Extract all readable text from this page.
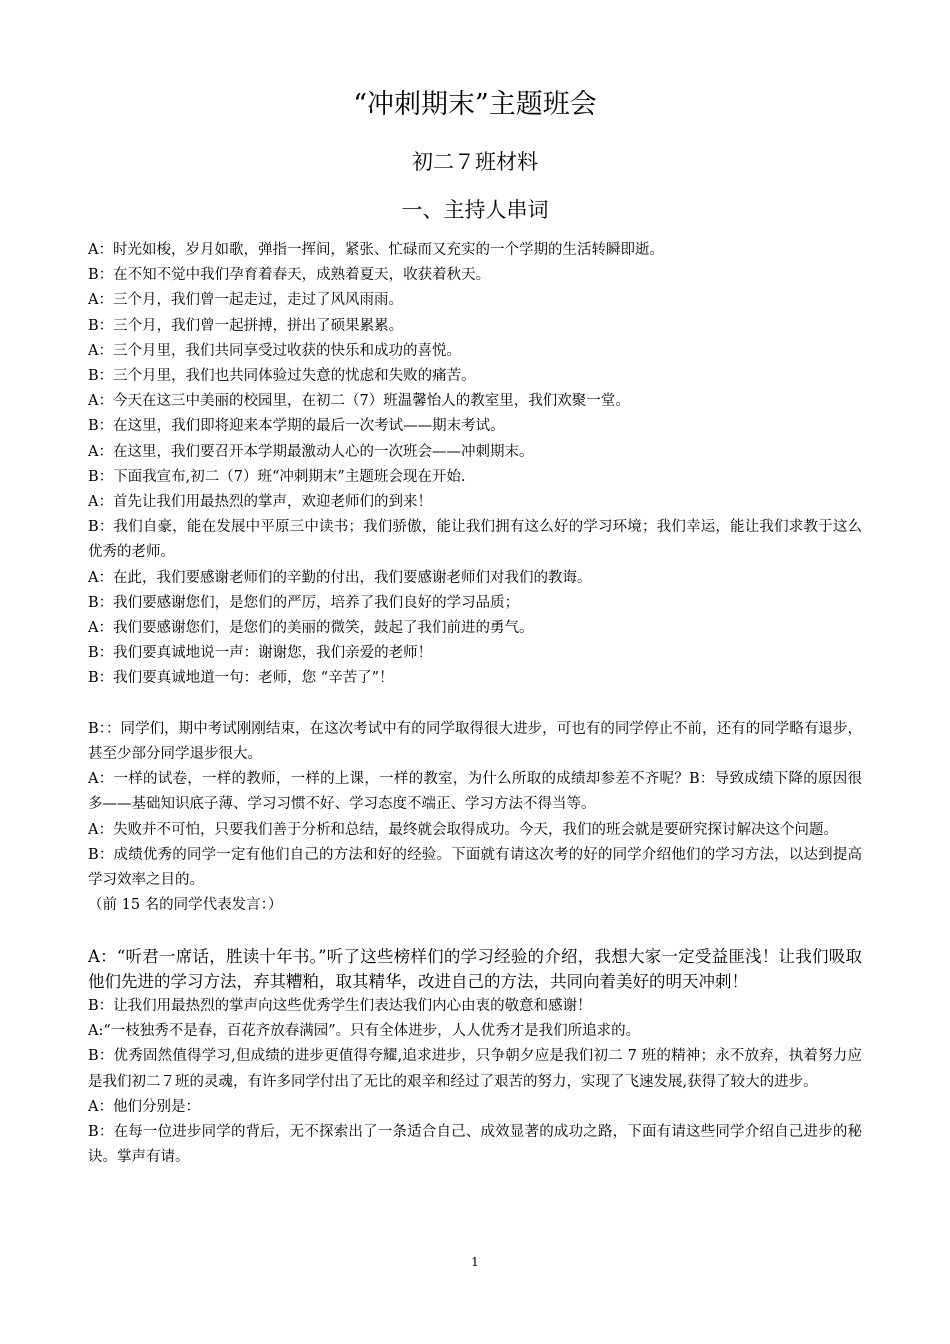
“冲刺期末”主题班会
初二７班材料
一、主持人串词

A：时光如梭，岁月如歌，弹指一挥间，紧张、忙碌而又充实的一个学期的生活转瞬即逝。

B：在不知不觉中我们孕育着春天，成熟着夏天，收获着秋天。

A：三个月，我们曾一起走过，走过了风风雨雨。

B：三个月，我们曾一起拼搏，拼出了硕果累累。

A：三个月里，我们共同享受过收获的快乐和成功的喜悦。

B：三个月里，我们也共同体验过失意的忧虑和失败的痛苦。

A：今天在这三中美丽的校园里，在初二（7）班温馨怡人的教室里，我们欢聚一堂。

B：在这里，我们即将迎来本学期的最后一次考试——期末考试。

A：在这里，我们要召开本学期最激动人心的一次班会——冲刺期末。

B：下面我宣布,初二（7）班“冲刺期末”主题班会现在开始.

A：首先让我们用最热烈的掌声，欢迎老师们的到来！

B：我们自豪，能在发展中平原三中读书；我们骄傲，能让我们拥有这么好的学习环境；我们幸运，能让我们求教于这么优秀的老师。

A：在此，我们要感谢老师们的辛勤的付出，我们要感谢老师们对我们的教诲。

B：我们要感谢您们，是您们的严厉，培养了我们良好的学习品质；

A：我们要感谢您们，是您们的美丽的微笑，鼓起了我们前进的勇气。

B：我们要真诚地说一声：谢谢您，我们亲爱的老师！

B：我们要真诚地道一句：老师，您 “辛苦了”！

B：：同学们，期中考试刚刚结束，在这次考试中有的同学取得很大进步，可也有的同学停止不前，还有的同学略有退步，甚至少部分同学退步很大。

A：一样的试卷，一样的教师，一样的上课，一样的教室，为什么所取的成绩却参差不齐呢？B：导致成绩下降的原因很多——基础知识底子薄、学习习惯不好、学习态度不端正、学习方法不得当等。

A：失败并不可怕，只要我们善于分析和总结，最终就会取得成功。今天，我们的班会就是要研究探讨解决这个问题。

B：成绩优秀的同学一定有他们自己的方法和好的经验。下面就有请这次考的好的同学介绍他们的学习方法，以达到提高学习效率之目的。

（前 15 名的同学代表发言：）

A：“听君一席话，胜读十年书。”听了这些榜样们的学习经验的介绍，我想大家一定受益匪浅！让我们吸取他们先进的学习方法，弃其糟粕，取其精华，改进自己的方法，共同向着美好的明天冲刺！

B：让我们用最热烈的掌声向这些优秀学生们表达我们内心由衷的敬意和感谢！

A:“一枝独秀不是春，百花齐放春满园”。只有全体进步，人人优秀才是我们所追求的。

B：优秀固然值得学习,但成绩的进步更值得夸耀,追求进步，只争朝夕应是我们初二 7 班的精神；永不放弃，执着努力应是我们初二７班的灵魂，有许多同学付出了无比的艰辛和经过了艰苦的努力，实现了飞速发展,获得了较大的进步。

A：他们分别是：

B：在每一位进步同学的背后，无不探索出了一条适合自己、成效显著的成功之路，下面有请这些同学介绍自己进步的秘诀。掌声有请。

1
